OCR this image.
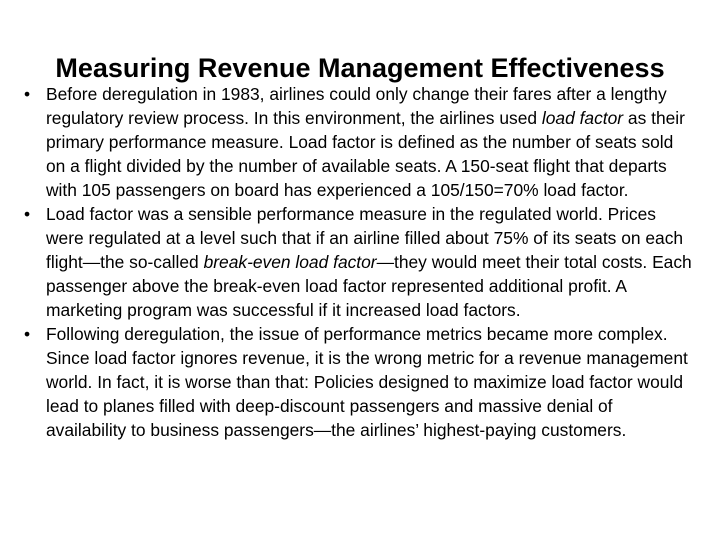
Measuring Revenue Management Effectiveness
• Before deregulation in 1983, airlines could only change their fares after a lengthy regulatory review process. In this environment, the airlines used load factor as their primary performance measure. Load factor is defined as the number of seats sold on a flight divided by the number of available seats. A 150-seat flight that departs with 105 passengers on board has experienced a 105/150=70% load factor.
• Load factor was a sensible performance measure in the regulated world. Prices were regulated at a level such that if an airline filled about 75% of its seats on each flight—the so-called break-even load factor—they would meet their total costs. Each passenger above the break-even load factor represented additional profit. A marketing program was successful if it increased load factors.
• Following deregulation, the issue of performance metrics became more complex. Since load factor ignores revenue, it is the wrong metric for a revenue management world. In fact, it is worse than that: Policies designed to maximize load factor would lead to planes filled with deep-discount passengers and massive denial of availability to business passengers—the airlines’ highest-paying customers.
